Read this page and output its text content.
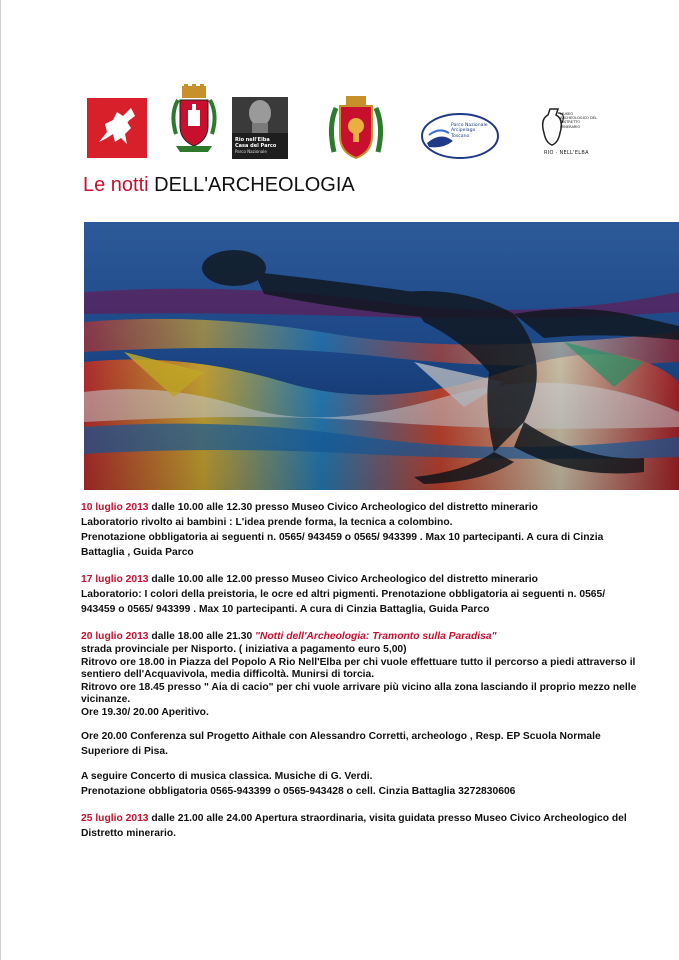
Rio nell'Elba
Casa del Parco
Parco Nazionale
Parco Nazionale Arcipelago Toscano
MUSEO ARCHEOLOGICO DEL DISTRETTO MINERARIO
RIO · NELL'ELBA
Le notti DELL'ARCHEOLOGIA

10 luglio 2013 dalle 10.00 alle 12.30 presso Museo Civico Archeologico del distretto minerario

Laboratorio rivolto ai bambini : L'idea prende forma, la tecnica a colombino.

Prenotazione obbligatoria ai seguenti n. 0565/ 943459 o 0565/ 943399 . Max 10 partecipanti. A cura di Cinzia Battaglia , Guida Parco

17 luglio 2013 dalle 10.00 alle 12.00 presso Museo Civico Archeologico del distretto minerario

Laboratorio: I colori della preistoria, le ocre ed altri pigmenti. Prenotazione obbligatoria ai seguenti n. 0565/ 943459 o 0565/ 943399 . Max 10 partecipanti. A cura di Cinzia Battaglia, Guida Parco

20 luglio 2013 dalle 18.00 alle 21.30 "Notti dell'Archeologia: Tramonto sulla Paradisa"

strada provinciale per Nisporto. ( iniziativa a pagamento euro 5,00)

Ritrovo ore 18.00 in Piazza del Popolo A Rio Nell'Elba per chi vuole effettuare tutto il percorso a piedi attraverso il sentiero dell'Acquavivola, media difficoltà. Munirsi di torcia.

Ritrovo ore 18.45 presso " Aia di cacio" per chi vuole arrivare più vicino alla zona lasciando il proprio mezzo nelle vicinanze.

Ore 19.30/ 20.00 Aperitivo.

Ore 20.00 Conferenza sul Progetto Aithale con Alessandro Corretti, archeologo , Resp. EP Scuola Normale Superiore di Pisa.

A seguire Concerto di musica classica. Musiche di G. Verdi.

Prenotazione obbligatoria 0565-943399 o 0565-943428 o cell. Cinzia Battaglia 3272830606

25 luglio 2013 dalle 21.00 alle 24.00 Apertura straordinaria, visita guidata presso Museo Civico Archeologico del Distretto minerario.
